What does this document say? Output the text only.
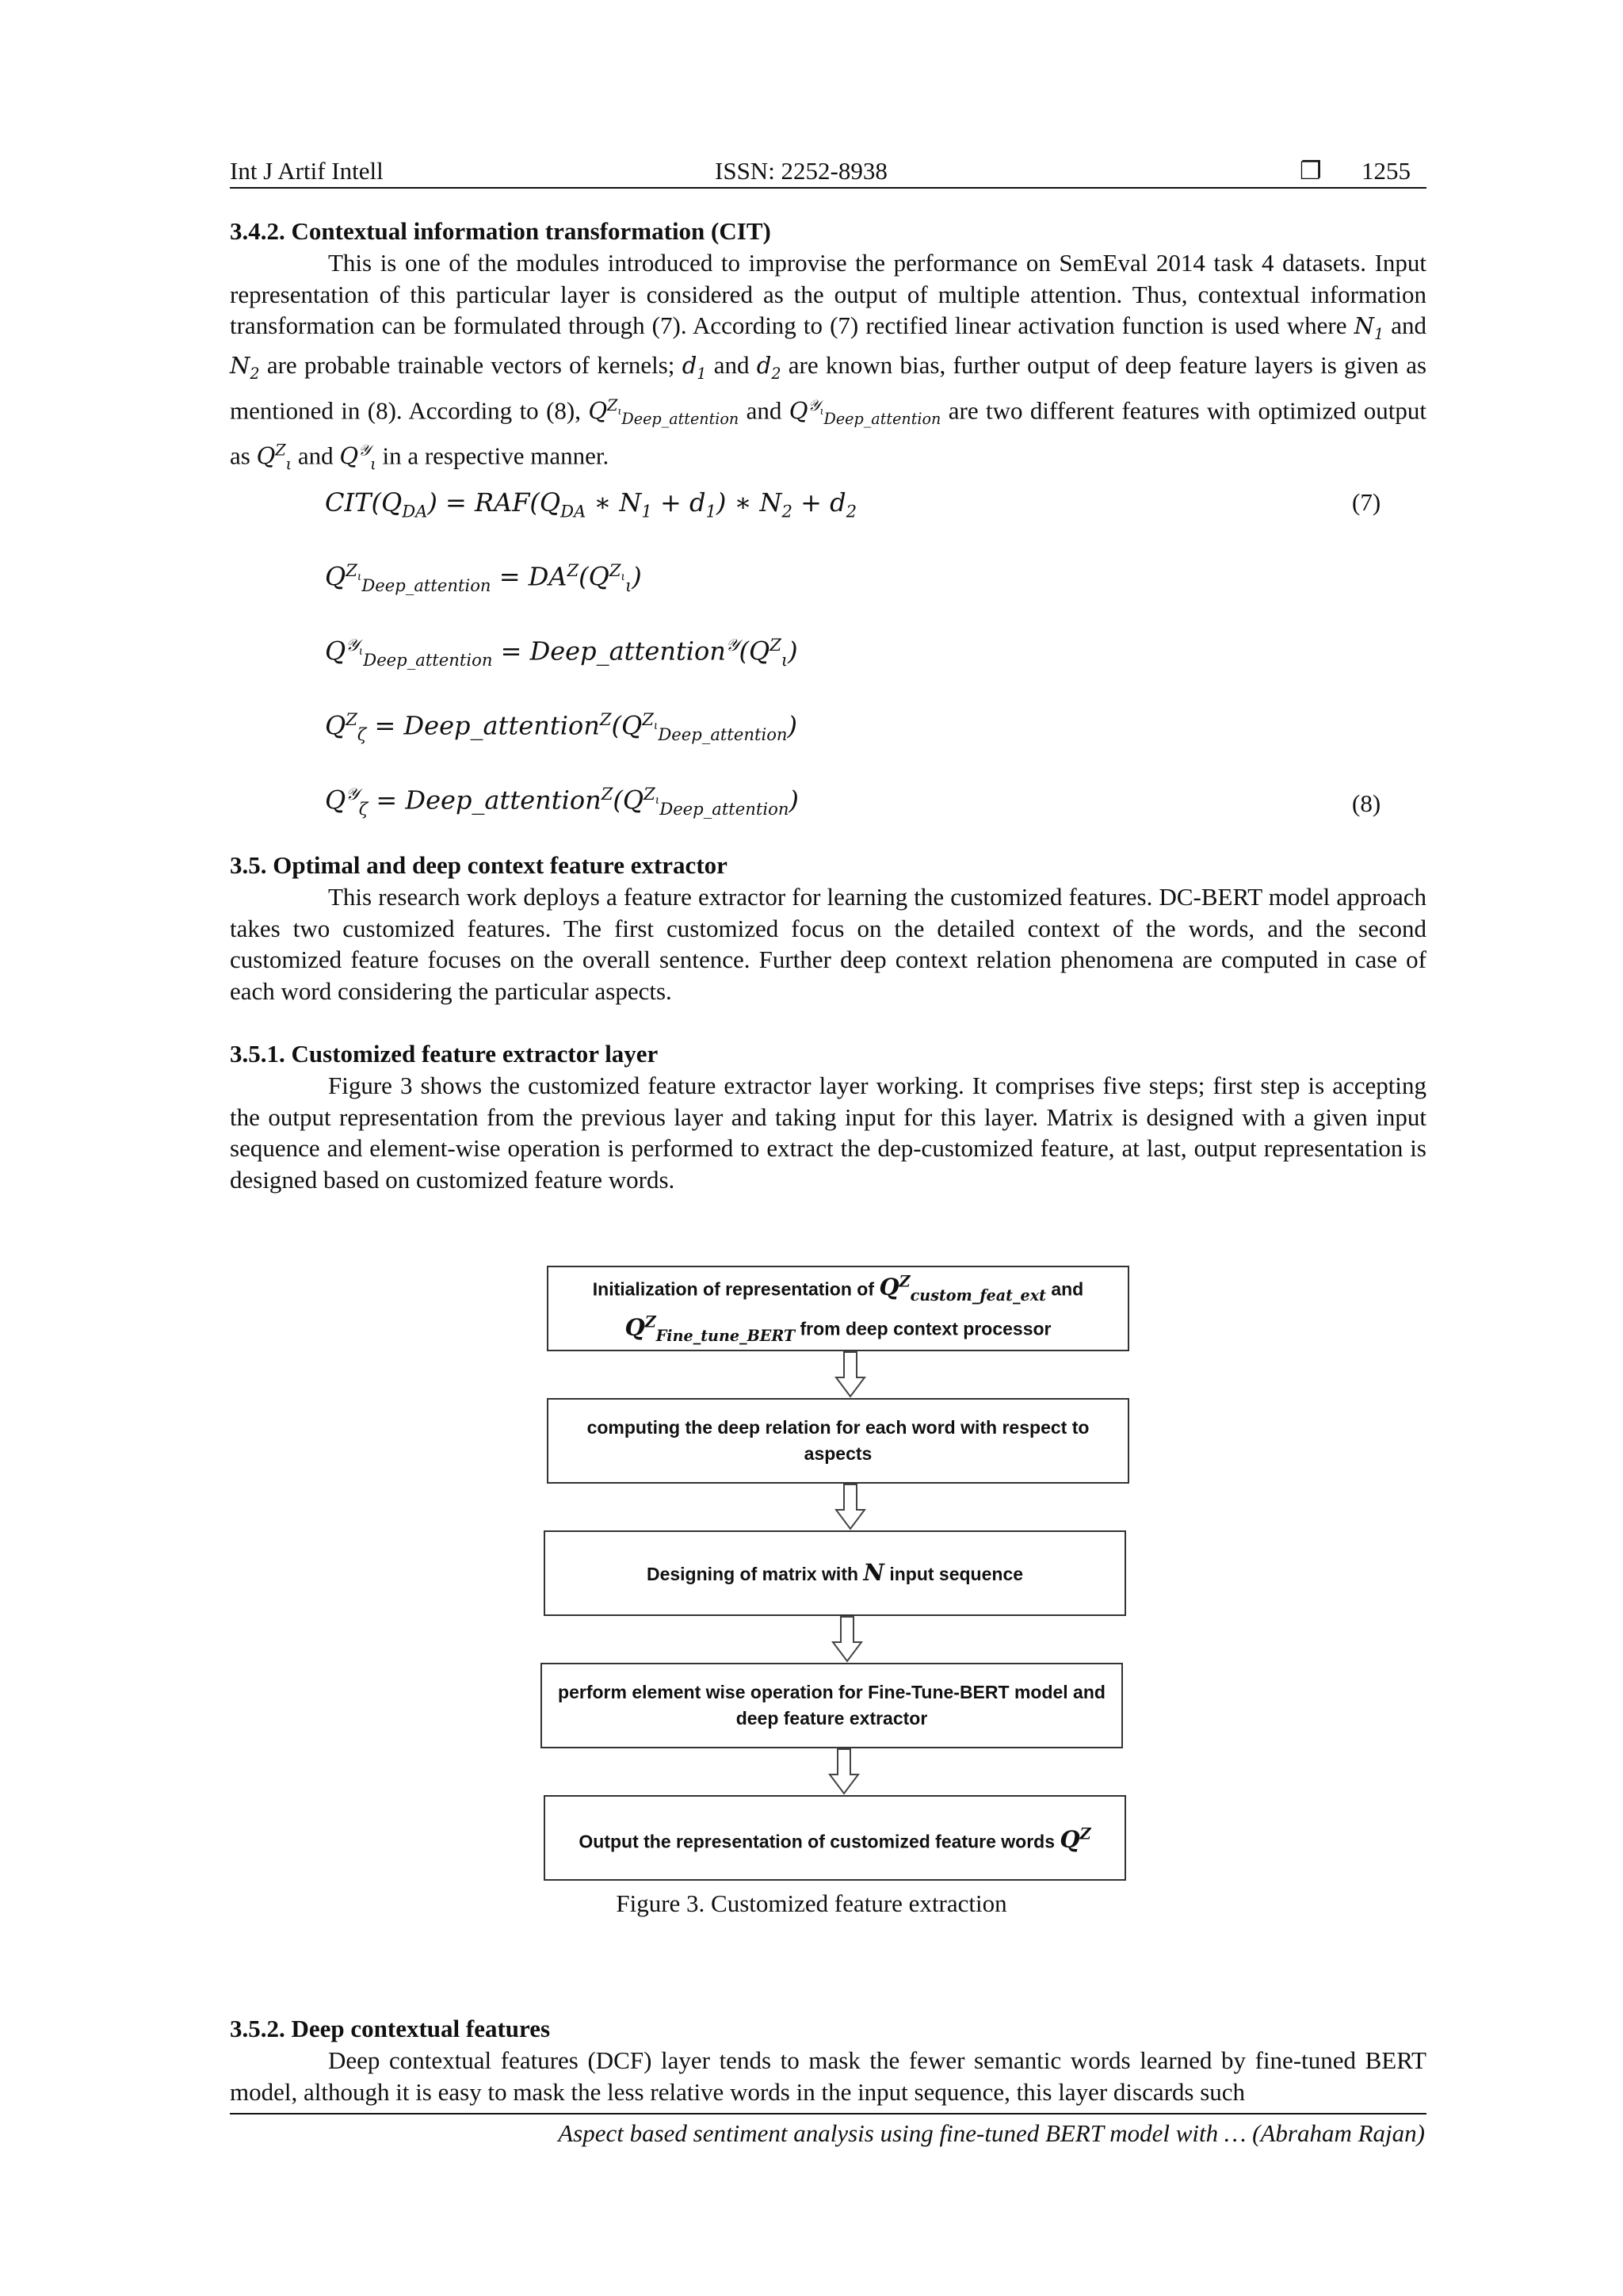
Int J Artif Intell	ISSN: 2252-8938	❐ 1255
3.4.2. Contextual information transformation (CIT)

This is one of the modules introduced to improvise the performance on SemEval 2014 task 4 datasets. Input representation of this particular layer is considered as the output of multiple attention. Thus, contextual information transformation can be formulated through (7). According to (7) rectified linear activation function is used where $N_1$ and $N_2$ are probable trainable vectors of kernels; $d_1$ and $d_2$ are known bias, further output of deep feature layers is given as mentioned in (8). According to (8), $Q^{Z_\iota}_{Deep\_attention}$ and $Q^{𝒴_\iota}_{Deep\_attention}$ are two different features with optimized output as $Q^Z_\iota$ and $Q^𝒴_\iota$ in a respective manner.

$CIT(Q_{DA}) = RAF(Q_{DA}$ ∗ $N_1 + d_1$) ∗ $N_2 + d_2$	(7)
$Q^{Z_\iota}_{Deep\_attention} = DA^Z(Q^{Z_\iota}_\iota)$
$Q^{𝒴_\iota}_{Deep\_attention}$ = $Deep\_attention^𝒴(Q^Z_\iota)$
$Q^Z_\zeta$ = $Deep\_attention^Z(Q^{Z_\iota}_{Deep\_attention})$
$Q^𝒴_\zeta$ = $Deep\_attention^Z(Q^{Z_\iota}_{Deep\_attention})$	(8)
3.5. Optimal and deep context feature extractor

This research work deploys a feature extractor for learning the customized features. DC-BERT model approach takes two customized features. The first customized focus on the detailed context of the words, and the second customized feature focuses on the overall sentence. Further deep context relation phenomena are computed in case of each word considering the particular aspects.

3.5.1. Customized feature extractor layer

Figure 3 shows the customized feature extractor layer working. It comprises five steps; first step is accepting the output representation from the previous layer and taking input for this layer. Matrix is designed with a given input sequence and element-wise operation is performed to extract the dep-customized feature, at last, output representation is designed based on customized feature words.

Initialization of representation of $Q^Z_{custom\_feat\_ext}$ and
$Q^Z_{Fine\_tune\_BERT}$ from deep context processor
computing the deep relation for each word with respect to aspects
Designing of matrix with N input sequence
perform element wise operation for Fine-Tune-BERT model and deep feature extractor
Output the representation of customized feature words $Q^Z$
Figure 3. Customized feature extraction
3.5.2. Deep contextual features

Deep contextual features (DCF) layer tends to mask the fewer semantic words learned by fine-tuned BERT model, although it is easy to mask the less relative words in the input sequence, this layer discards such

Aspect based sentiment analysis using fine-tuned BERT model with … (Abraham Rajan)
